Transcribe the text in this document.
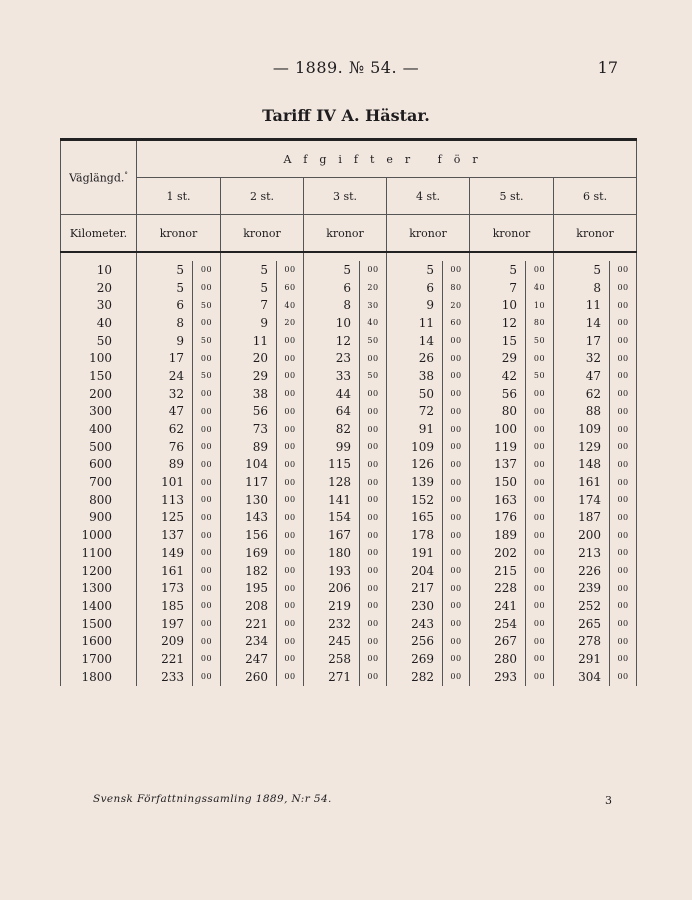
— 1889. № 54. —	17
Tariff IV A. Hästar.
Väglängd.°	Afgifter för											
	1 st.		2 st.		3 st.		4 st.		5 st.		6 st.	
Kilometer.	kronor		kronor		kronor		kronor		kronor		kronor	

10	5	00	5	00	5	00	5	00	5	00	5	00
20	5	00	5	60	6	20	6	80	7	40	8	00
30	6	50	7	40	8	30	9	20	10	10	11	00
40	8	00	9	20	10	40	11	60	12	80	14	00
50	9	50	11	00	12	50	14	00	15	50	17	00
100	17	00	20	00	23	00	26	00	29	00	32	00
150	24	50	29	00	33	50	38	00	42	50	47	00
200	32	00	38	00	44	00	50	00	56	00	62	00
300	47	00	56	00	64	00	72	00	80	00	88	00
400	62	00	73	00	82	00	91	00	100	00	109	00
500	76	00	89	00	99	00	109	00	119	00	129	00
600	89	00	104	00	115	00	126	00	137	00	148	00
700	101	00	117	00	128	00	139	00	150	00	161	00
800	113	00	130	00	141	00	152	00	163	00	174	00
900	125	00	143	00	154	00	165	00	176	00	187	00
1000	137	00	156	00	167	00	178	00	189	00	200	00
1100	149	00	169	00	180	00	191	00	202	00	213	00
1200	161	00	182	00	193	00	204	00	215	00	226	00
1300	173	00	195	00	206	00	217	00	228	00	239	00
1400	185	00	208	00	219	00	230	00	241	00	252	00
1500	197	00	221	00	232	00	243	00	254	00	265	00
1600	209	00	234	00	245	00	256	00	267	00	278	00
1700	221	00	247	00	258	00	269	00	280	00	291	00
1800	233	00	260	00	271	00	282	00	293	00	304	00
Svensk Författningssamling 1889, N:r 54.	3
